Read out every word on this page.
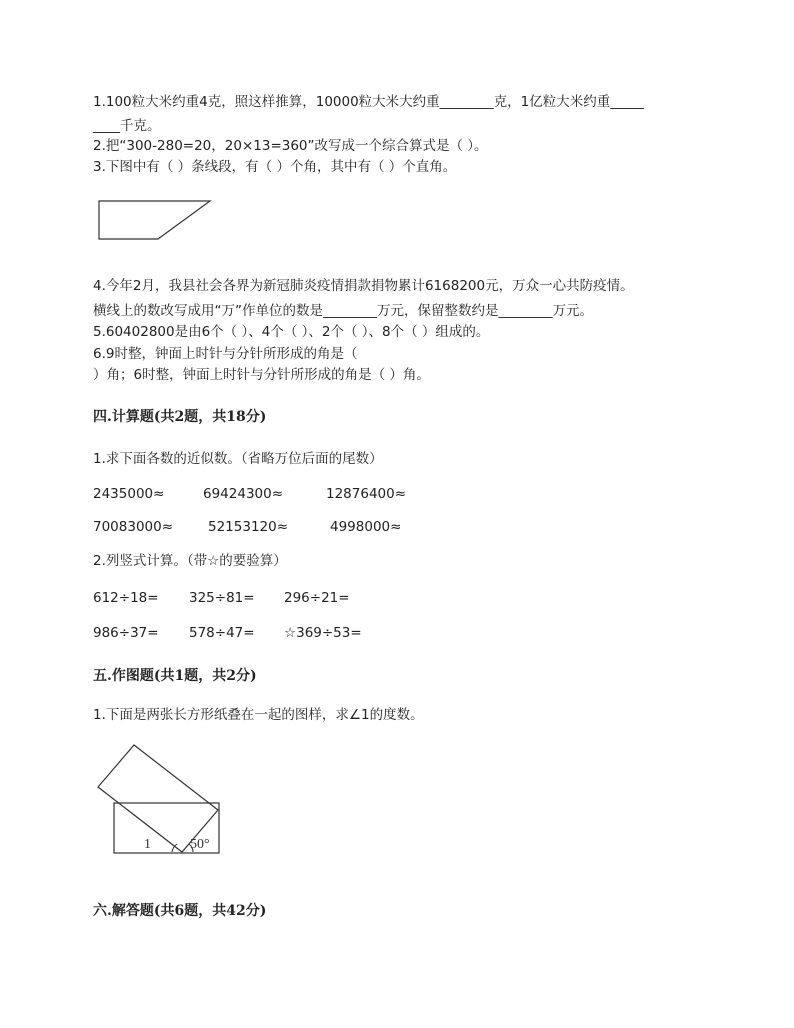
1.100粒大米约重4克，照这样推算，10000粒大米大约重________克，1亿粒大米约重_____
____千克。
2.把“300-280=20，20×13=360”改写成一个综合算式是（ ）。
3.下图中有（ ）条线段，有（ ）个角，其中有（ ）个直角。
4.今年2月，我县社会各界为新冠肺炎疫情捐款捐物累计6168200元，万众一心共防疫情。
横线上的数改写成用“万”作单位的数是________万元，保留整数约是________万元。
5.60402800是由6个（ ）、4个（ ）、2个（ ）、8个（ ）组成的。
6.9时整，钟面上时针与分针所形成的角是（
）角；6时整，钟面上时针与分针所形成的角是（ ）角。
四.计算题(共2题，共18分)
1.求下面各数的近似数。（省略万位后面的尾数）
2435000≈	69424300≈	12876400≈
70083000≈	52153120≈	4998000≈
2.列竖式计算。（带☆的要验算）
612÷18= 325÷81= 296÷21=
986÷37= 578÷47= ☆369÷53=
五.作图题(共1题，共2分)
1.下面是两张长方形纸叠在一起的图样，求∠1的度数。
1	50°
六.解答题(共6题，共42分)
